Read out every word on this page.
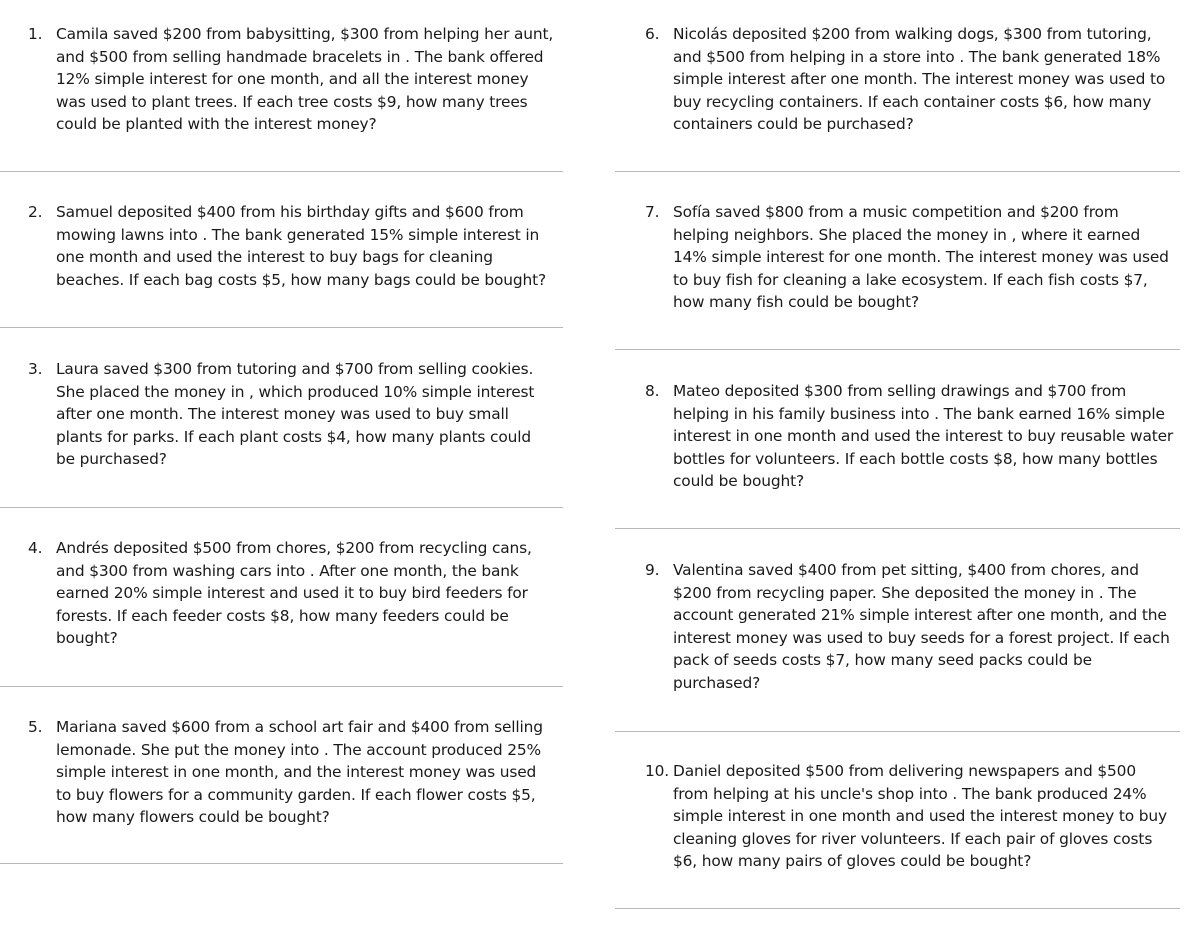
1. Camila saved $200 from babysitting, $300 from helping her aunt,
and $500 from selling handmade bracelets in . The bank offered
12% simple interest for one month, and all the interest money
was used to plant trees. If each tree costs $9, how many trees
could be planted with the interest money?
2. Samuel deposited $400 from his birthday gifts and $600 from
mowing lawns into . The bank generated 15% simple interest in
one month and used the interest to buy bags for cleaning
beaches. If each bag costs $5, how many bags could be bought?
3. Laura saved $300 from tutoring and $700 from selling cookies.
She placed the money in , which produced 10% simple interest
after one month. The interest money was used to buy small
plants for parks. If each plant costs $4, how many plants could
be purchased?
4. Andrés deposited $500 from chores, $200 from recycling cans,
and $300 from washing cars into . After one month, the bank
earned 20% simple interest and used it to buy bird feeders for
forests. If each feeder costs $8, how many feeders could be
bought?
5. Mariana saved $600 from a school art fair and $400 from selling
lemonade. She put the money into . The account produced 25%
simple interest in one month, and the interest money was used
to buy flowers for a community garden. If each flower costs $5,
how many flowers could be bought?
6. Nicolás deposited $200 from walking dogs, $300 from tutoring,
and $500 from helping in a store into . The bank generated 18%
simple interest after one month. The interest money was used to
buy recycling containers. If each container costs $6, how many
containers could be purchased?
7. Sofía saved $800 from a music competition and $200 from
helping neighbors. She placed the money in , where it earned
14% simple interest for one month. The interest money was used
to buy fish for cleaning a lake ecosystem. If each fish costs $7,
how many fish could be bought?
8. Mateo deposited $300 from selling drawings and $700 from
helping in his family business into . The bank earned 16% simple
interest in one month and used the interest to buy reusable water
bottles for volunteers. If each bottle costs $8, how many bottles
could be bought?
9. Valentina saved $400 from pet sitting, $400 from chores, and
$200 from recycling paper. She deposited the money in . The
account generated 21% simple interest after one month, and the
interest money was used to buy seeds for a forest project. If each
pack of seeds costs $7, how many seed packs could be
purchased?
10. Daniel deposited $500 from delivering newspapers and $500
from helping at his uncle's shop into . The bank produced 24%
simple interest in one month and used the interest money to buy
cleaning gloves for river volunteers. If each pair of gloves costs
$6, how many pairs of gloves could be bought?
